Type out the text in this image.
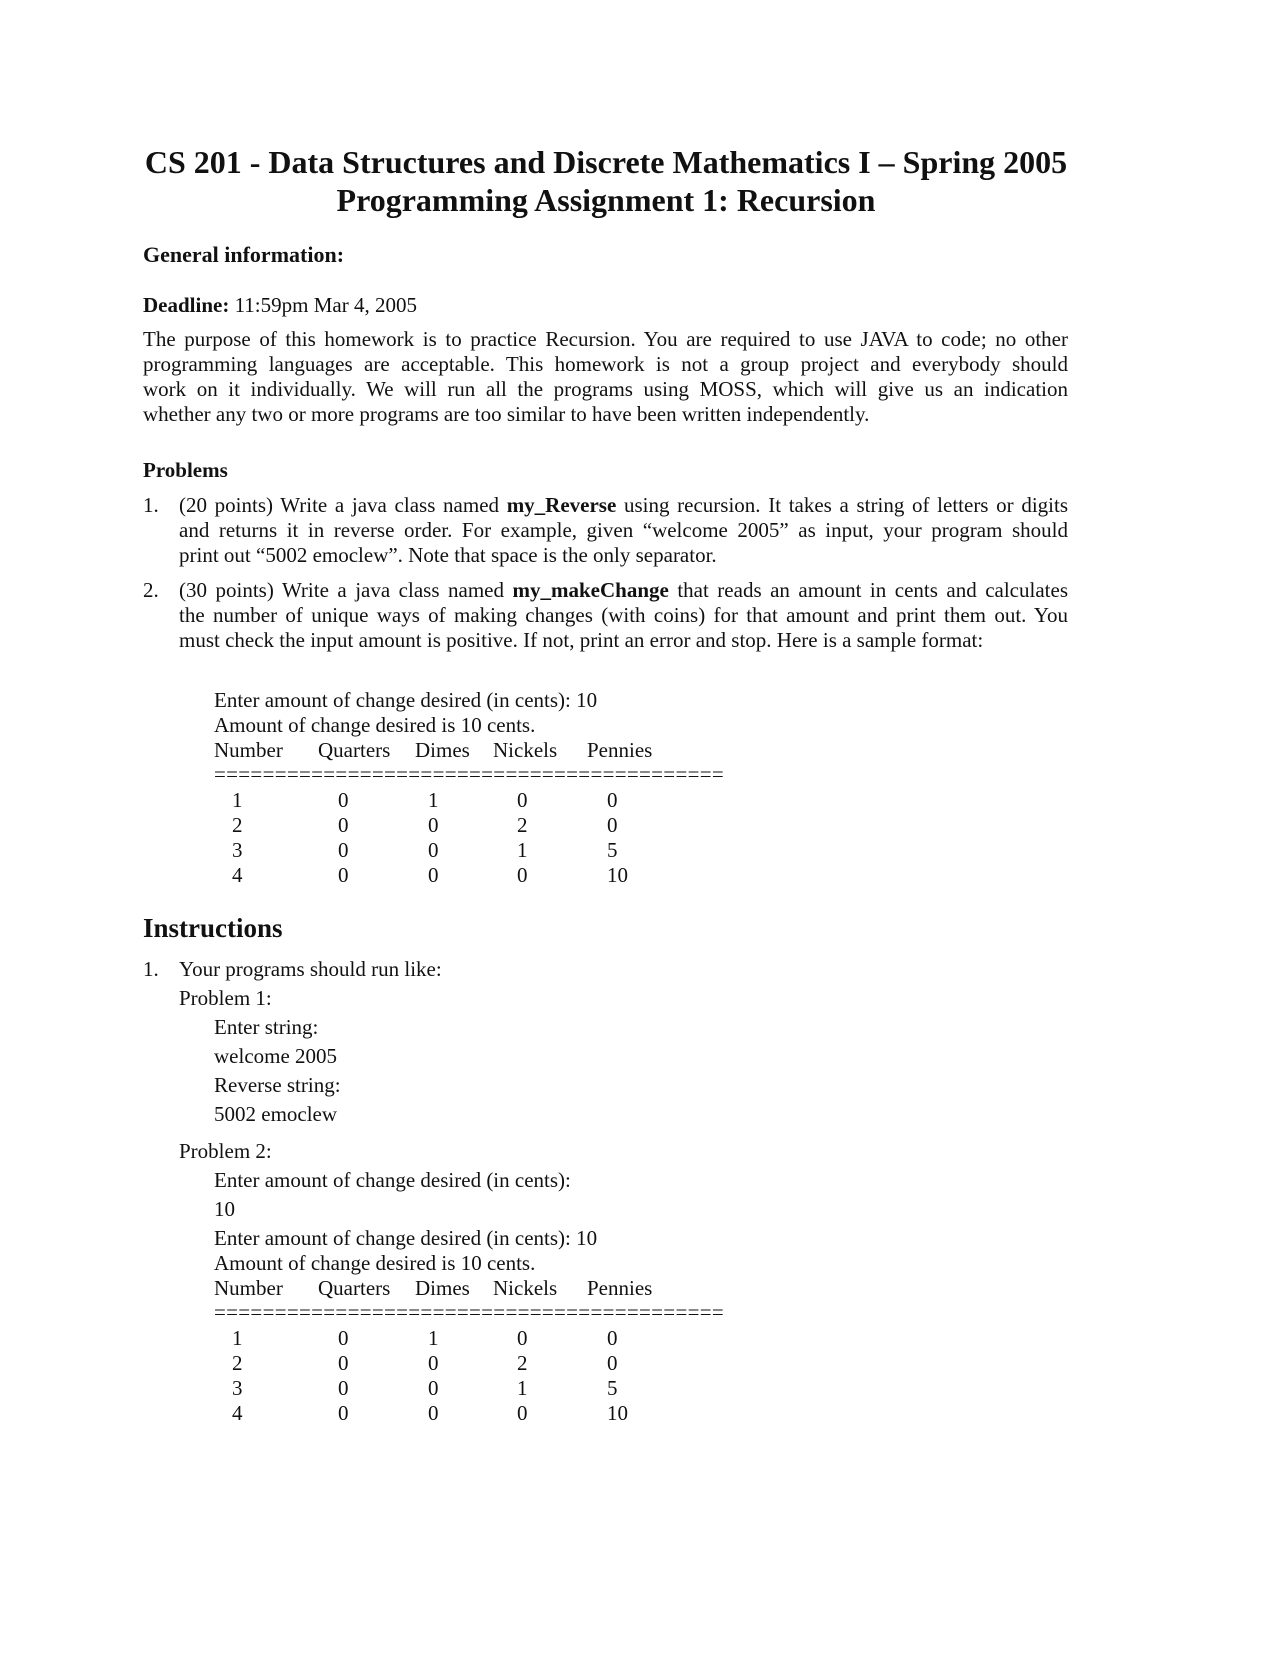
CS 201 - Data Structures and Discrete Mathematics I – Spring 2005
Programming Assignment 1: Recursion
General information:
Deadline: 11:59pm Mar 4, 2005
The purpose of this homework is to practice Recursion. You are required to use JAVA to code; no other
programming languages are acceptable. This homework is not a group project and everybody should
work on it individually. We will run all the programs using MOSS, which will give us an indication
whether any two or more programs are too similar to have been written independently.
Problems
1. (20 points) Write a java class named my_Reverse using recursion. It takes a string of letters or digits
and returns it in reverse order. For example, given “welcome 2005” as input, your program should
print out “5002 emoclew”. Note that space is the only separator.
2. (30 points) Write a java class named my_makeChange that reads an amount in cents and calculates
the number of unique ways of making changes (with coins) for that amount and print them out. You
must check the input amount is positive. If not, print an error and stop. Here is a sample format:
Enter amount of change desired (in cents): 10
Amount of change desired is 10 cents.
Number Quarters Dimes Nickels Pennies
==========================================
1	0	1	0	0
2	0	0	2	0
3	0	0	1	5
4	0	0	0	10
Instructions
1. Your programs should run like:
Problem 1:
Enter string:
welcome 2005
Reverse string:
5002 emoclew
Problem 2:
Enter amount of change desired (in cents):
10
Enter amount of change desired (in cents): 10
Amount of change desired is 10 cents.
Number Quarters Dimes Nickels Pennies
==========================================
1	0	1	0	0
2	0	0	2	0
3	0	0	1	5
4	0	0	0	10
